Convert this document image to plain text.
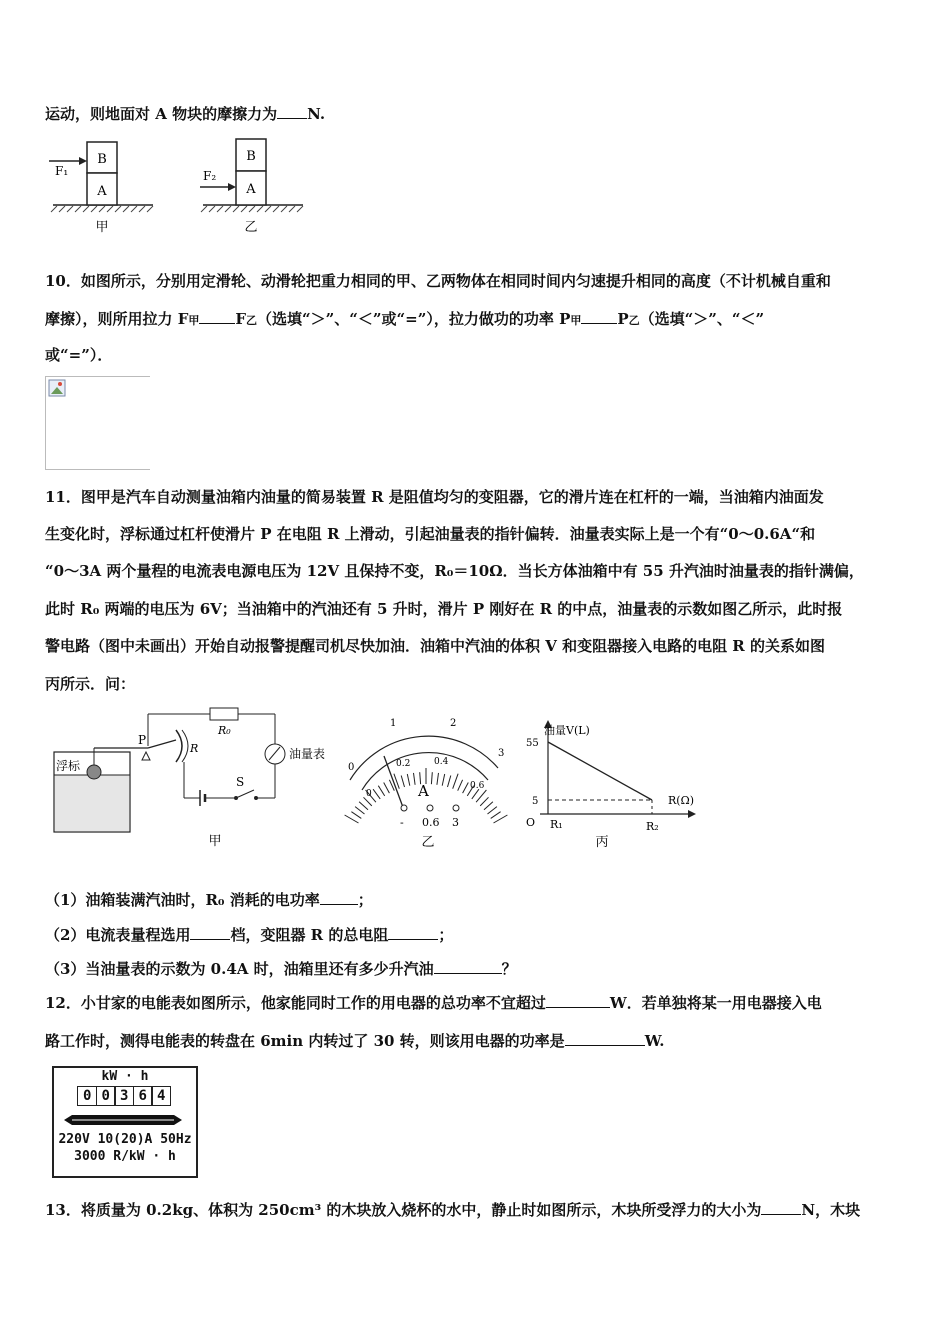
运动，则地面对 A 物块的摩擦力为 N.
B
A
F₁
甲
B
A
F₂
乙
10．如图所示，分别用定滑轮、动滑轮把重力相同的甲、乙两物体在相同时间内匀速提升相同的高度（不计机械自重和
摩擦），则所用拉力 F甲 F乙（选填“＞”、“＜”或“=”），拉力做功的功率 P甲 P乙（选填“＞”、“＜”
或“=”）．
11．图甲是汽车自动测量油箱内油量的简易装置 R 是阻值均匀的变阻器，它的滑片连在杠杆的一端，当油箱内油面发
生变化时，浮标通过杠杆使滑片 P 在电阻 R 上滑动，引起油量表的指针偏转．油量表实际上是一个有“0～0.6A“和
“0～3A 两个量程的电流表电源电压为 12V 且保持不变，R₀＝10Ω．当长方体油箱中有 55 升汽油时油量表的指针满偏，
此时 R₀ 两端的电压为 6V；当油箱中的汽油还有 5 升时，滑片 P 刚好在 R 的中点，油量表的示数如图乙所示，此时报
警电路（图中未画出）开始自动报警提醒司机尽快加油．油箱中汽油的体积 V 和变阻器接入电路的电阻 R 的关系如图
丙所示．问：
浮标
P
R₀
油量表
R
S
甲
0
1	2
3
0
0.2	0.4
0.6
A
- 0.6 3
乙
油量V(L)
R(Ω)
55
5
O R₁	R₂
丙
（1）油箱装满汽油时，R₀ 消耗的电功率	；
（2）电流表量程选用	档，变阻器 R 的总电阻	；
（3）当油量表的示数为 0.4A 时，油箱里还有多少升汽油	？
12．小甘家的电能表如图所示，他家能同时工作的用电器的总功率不宜超过	W．若单独将某一用电器接入电
路工作时，测得电能表的转盘在 6min 内转过了 30 转，则该用电器的功率是	W.
kW · h
0 0 3 6 4
220V 10(20)A 50Hz
3000 R/kW · h
13．将质量为 0.2kg、体积为 250cm³ 的木块放入烧杯的水中，静止时如图所示，木块所受浮力的大小为	N，木块
